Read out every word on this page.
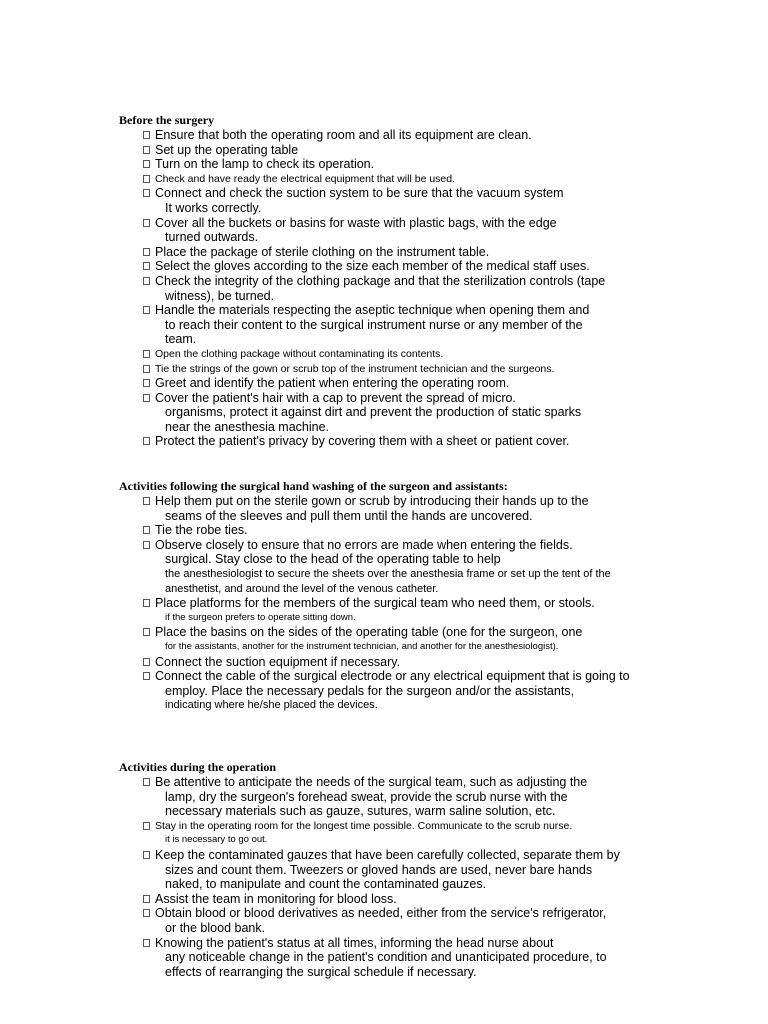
Before the surgery
Ensure that both the operating room and all its equipment are clean.
Set up the operating table
Turn on the lamp to check its operation.
Check and have ready the electrical equipment that will be used.
Connect and check the suction system to be sure that the vacuum system
It works correctly.
Cover all the buckets or basins for waste with plastic bags, with the edge
turned outwards.
Place the package of sterile clothing on the instrument table.
Select the gloves according to the size each member of the medical staff uses.
Check the integrity of the clothing package and that the sterilization controls (tape
witness), be turned.
Handle the materials respecting the aseptic technique when opening them and
to reach their content to the surgical instrument nurse or any member of the
team.
Open the clothing package without contaminating its contents.
Tie the strings of the gown or scrub top of the instrument technician and the surgeons.
Greet and identify the patient when entering the operating room.
Cover the patient's hair with a cap to prevent the spread of micro.
organisms, protect it against dirt and prevent the production of static sparks
near the anesthesia machine.
Protect the patient's privacy by covering them with a sheet or patient cover.
Activities following the surgical hand washing of the surgeon and assistants:
Help them put on the sterile gown or scrub by introducing their hands up to the
seams of the sleeves and pull them until the hands are uncovered.
Tie the robe ties.
Observe closely to ensure that no errors are made when entering the fields.
surgical. Stay close to the head of the operating table to help
the anesthesiologist to secure the sheets over the anesthesia frame or set up the tent of the
anesthetist, and around the level of the venous catheter.
Place platforms for the members of the surgical team who need them, or stools.
if the surgeon prefers to operate sitting down.
Place the basins on the sides of the operating table (one for the surgeon, one
for the assistants, another for the instrument technician, and another for the anesthesiologist).
Connect the suction equipment if necessary.
Connect the cable of the surgical electrode or any electrical equipment that is going to
employ. Place the necessary pedals for the surgeon and/or the assistants,
indicating where he/she placed the devices.
Activities during the operation
Be attentive to anticipate the needs of the surgical team, such as adjusting the
lamp, dry the surgeon's forehead sweat, provide the scrub nurse with the
necessary materials such as gauze, sutures, warm saline solution, etc.
Stay in the operating room for the longest time possible. Communicate to the scrub nurse.
it is necessary to go out.
Keep the contaminated gauzes that have been carefully collected, separate them by
sizes and count them. Tweezers or gloved hands are used, never bare hands
naked, to manipulate and count the contaminated gauzes.
Assist the team in monitoring for blood loss.
Obtain blood or blood derivatives as needed, either from the service's refrigerator,
or the blood bank.
Knowing the patient's status at all times, informing the head nurse about
any noticeable change in the patient's condition and unanticipated procedure, to
effects of rearranging the surgical schedule if necessary.
